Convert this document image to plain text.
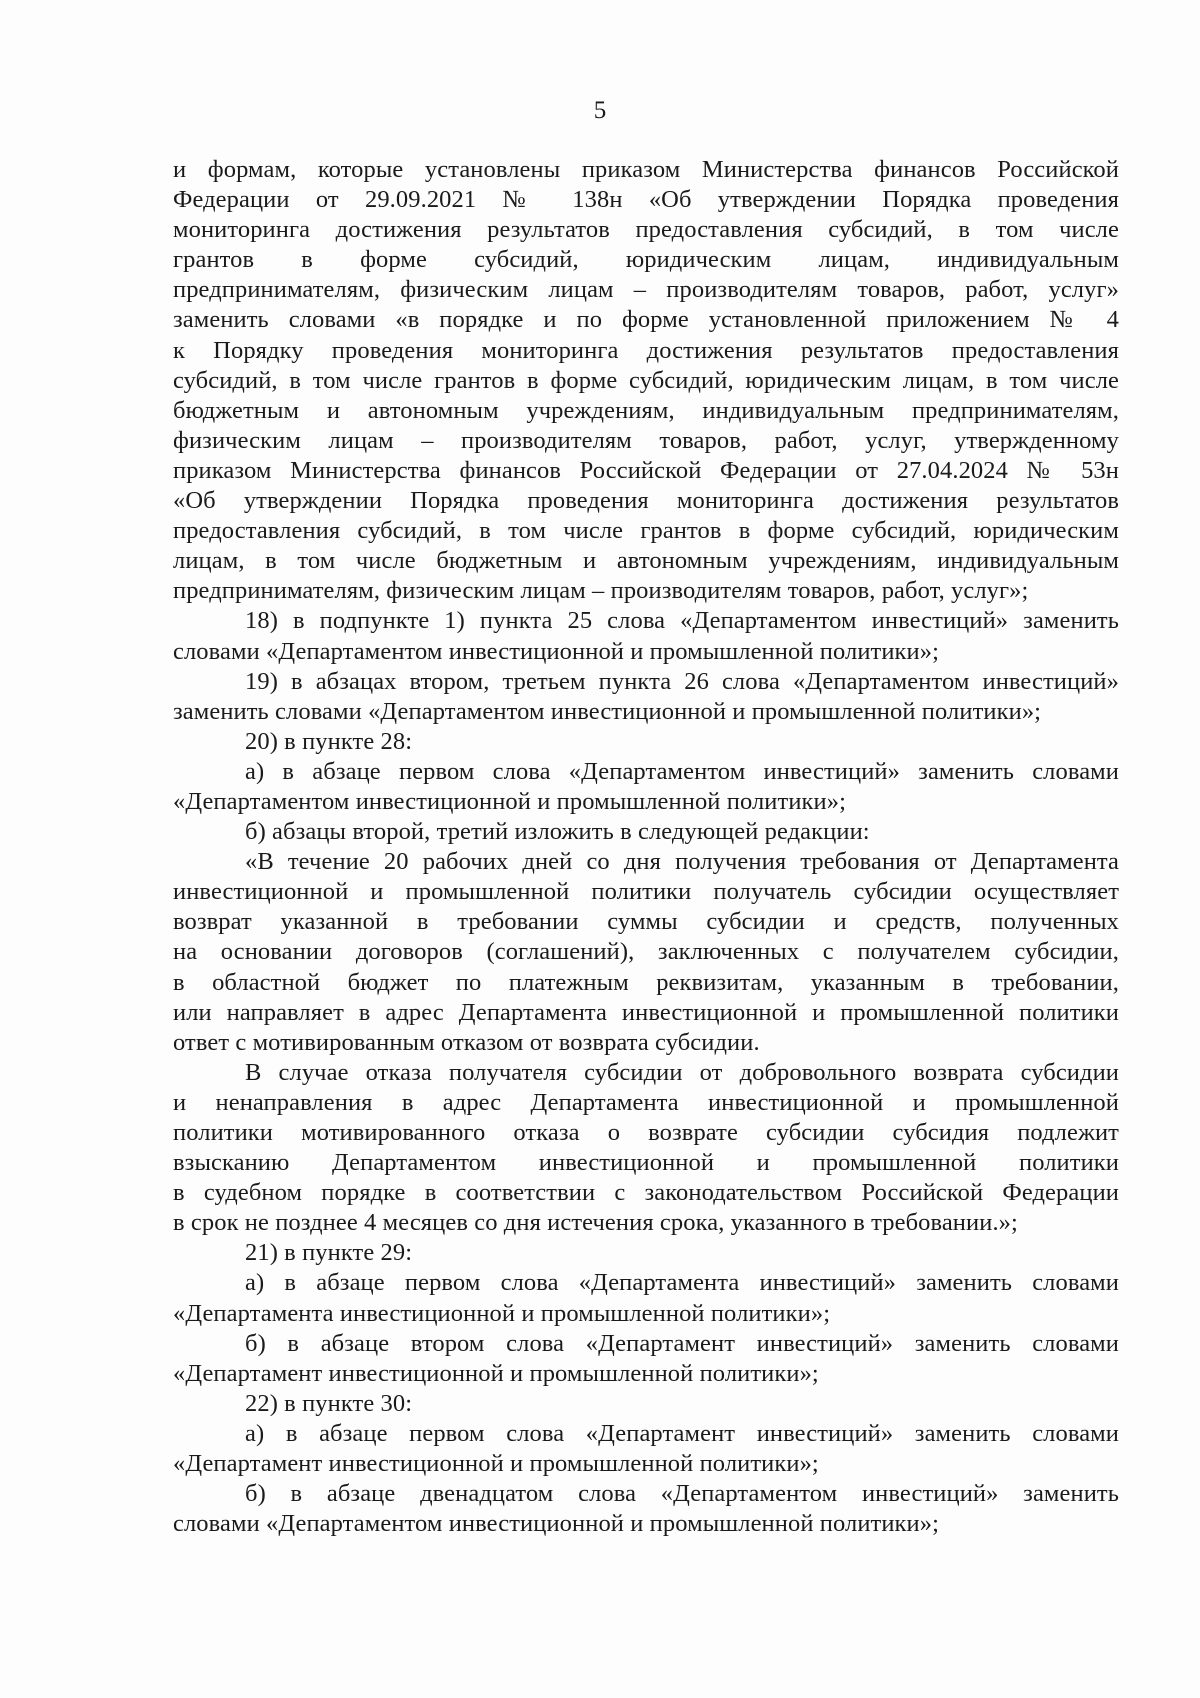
5
и формам, которые установлены приказом Министерства финансов Российской
Федерации от 29.09.2021 № 138н «Об утверждении Порядка проведения
мониторинга достижения результатов предоставления субсидий, в том числе
грантов в форме субсидий, юридическим лицам, индивидуальным
предпринимателям, физическим лицам – производителям товаров, работ, услуг»
заменить словами «в порядке и по форме установленной приложением № 4
к Порядку проведения мониторинга достижения результатов предоставления
субсидий, в том числе грантов в форме субсидий, юридическим лицам, в том числе
бюджетным и автономным учреждениям, индивидуальным предпринимателям,
физическим лицам – производителям товаров, работ, услуг, утвержденному
приказом Министерства финансов Российской Федерации от 27.04.2024 № 53н
«Об утверждении Порядка проведения мониторинга достижения результатов
предоставления субсидий, в том числе грантов в форме субсидий, юридическим
лицам, в том числе бюджетным и автономным учреждениям, индивидуальным
предпринимателям, физическим лицам – производителям товаров, работ, услуг»;
18) в подпункте 1) пункта 25 слова «Департаментом инвестиций» заменить
словами «Департаментом инвестиционной и промышленной политики»;
19) в абзацах втором, третьем пункта 26 слова «Департаментом инвестиций»
заменить словами «Департаментом инвестиционной и промышленной политики»;
20) в пункте 28:
а) в абзаце первом слова «Департаментом инвестиций» заменить словами
«Департаментом инвестиционной и промышленной политики»;
б) абзацы второй, третий изложить в следующей редакции:
«В течение 20 рабочих дней со дня получения требования от Департамента
инвестиционной и промышленной политики получатель субсидии осуществляет
возврат указанной в требовании суммы субсидии и средств, полученных
на основании договоров (соглашений), заключенных с получателем субсидии,
в областной бюджет по платежным реквизитам, указанным в требовании,
или направляет в адрес Департамента инвестиционной и промышленной политики
ответ с мотивированным отказом от возврата субсидии.
В случае отказа получателя субсидии от добровольного возврата субсидии
и ненаправления в адрес Департамента инвестиционной и промышленной
политики мотивированного отказа о возврате субсидии субсидия подлежит
взысканию Департаментом инвестиционной и промышленной политики
в судебном порядке в соответствии с законодательством Российской Федерации
в срок не позднее 4 месяцев со дня истечения срока, указанного в требовании.»;
21) в пункте 29:
а) в абзаце первом слова «Департамента инвестиций» заменить словами
«Департамента инвестиционной и промышленной политики»;
б) в абзаце втором слова «Департамент инвестиций» заменить словами
«Департамент инвестиционной и промышленной политики»;
22) в пункте 30:
а) в абзаце первом слова «Департамент инвестиций» заменить словами
«Департамент инвестиционной и промышленной политики»;
б) в абзаце двенадцатом слова «Департаментом инвестиций» заменить
словами «Департаментом инвестиционной и промышленной политики»;
